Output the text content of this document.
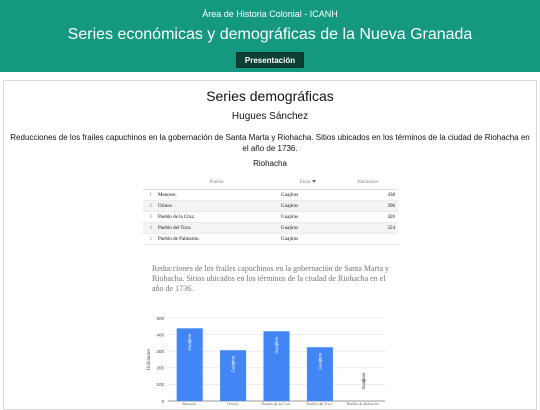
Área de Historia Colonial - ICANH
Series económicas y demográficas de la Nueva Granada
Presentación
Series demográficas
Hugues Sánchez
Reducciones de los frailes capuchinos en la gobernación de Santa Marta y Riohacha. Sitios ubicados en los términos de la ciudad de Riohacha en el año de 1736.
Riohacha
	Pueblo	Etnia	Habitantes
1	Menores.	Guajiros	438
2	Orinos.	Guajiros	306
3	Pueblo de la Cruz.	Guajiros	420
4	Pueblo del Toco.	Guajiros	324
5	Pueblo de Palmarito.	Guajiros	
Reducciones de los frailes capuchinos en la gobernación de Santa Marta y Riohacha. Sitios ubicados en los términos de la ciudad de Riohacha en el año de 1736.
0
100
200
300
400
500
Habitantes
Guajiros
Menores.
Guajiros
Orinos.
Guajiros
Pueblo de la Cruz.
Guajiros
Pueblo del Toco.
Guajiros
Pueblo de Palmarito.
